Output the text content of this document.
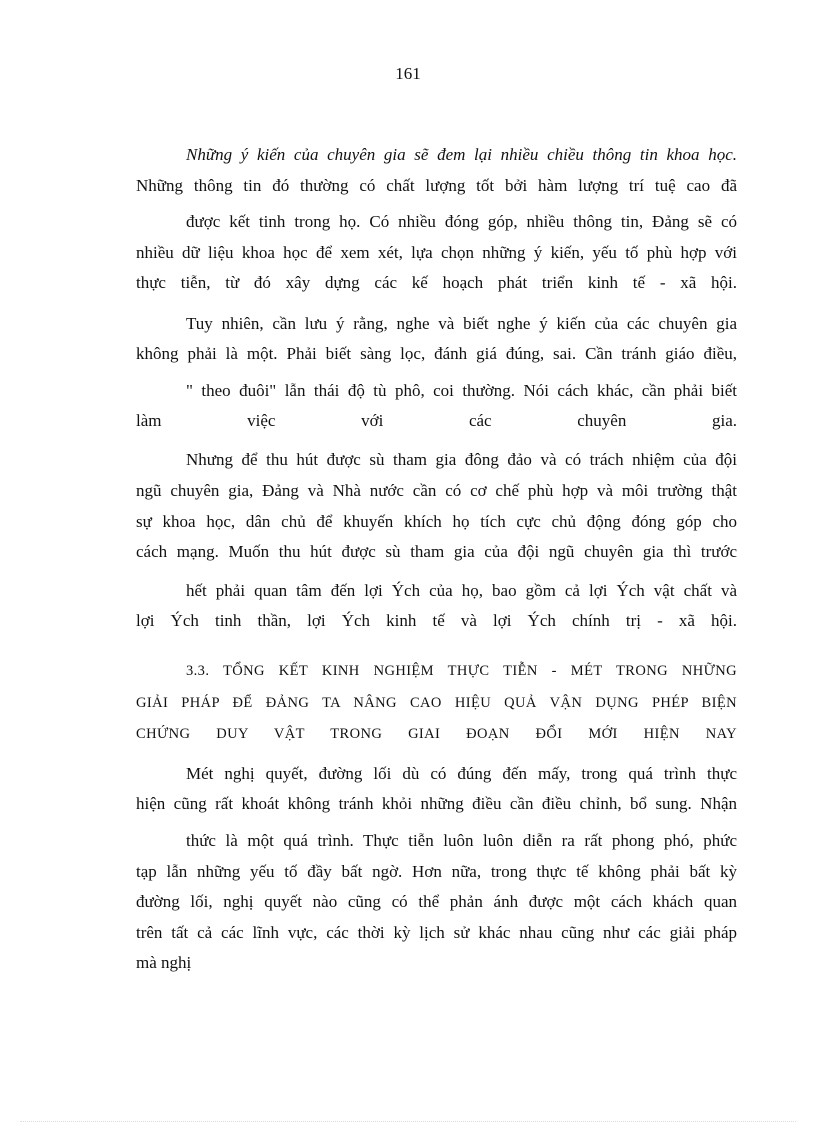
161
Những ý kiến của chuyên gia sẽ đem lại nhiều chiều thông tin khoa học.
Những thông tin đó thường có chất lượng tốt bởi hàm lượng trí tuệ cao đã
được kết tinh trong họ. Có nhiều đóng góp, nhiều thông tin, Đảng sẽ có
nhiều dữ liệu khoa học để xem xét, lựa chọn những ý kiến, yếu tố phù hợp với
thực tiễn, từ đó xây dựng các kế hoạch phát triển kinh tế - xã hội.
Tuy nhiên, cần lưu ý rằng, nghe và biết nghe ý kiến của các chuyên gia
không phải là một. Phải biết sàng lọc, đánh giá đúng, sai. Cần tránh giáo điều,
" theo đuôi" lẫn thái độ tù phô, coi thường. Nói cách khác, cần phải biết
làm việc với các chuyên gia.
Nhưng để thu hút được sù tham gia đông đảo và có trách nhiệm của đội
ngũ chuyên gia, Đảng và Nhà nước cần có cơ chế phù hợp và môi trường thật
sự khoa học, dân chủ để khuyến khích họ tích cực chủ động đóng góp cho
cách mạng. Muốn thu hút được sù tham gia của đội ngũ chuyên gia thì trước
hết phải quan tâm đến lợi Ých của họ, bao gồm cả lợi Ých vật chất và
lợi Ých tinh thần, lợi Ých kinh tế và lợi Ých chính trị - xã hội.
3.3. TỔNG KẾT KINH NGHIỆM THỰC TIỄN - MÉT TRONG NHỮNG
GIẢI PHÁP ĐỂ ĐẢNG TA NÂNG CAO HIỆU QUẢ VẬN DỤNG PHÉP BIỆN
CHỨNG DUY VẬT TRONG GIAI ĐOẠN ĐỔI MỚI HIỆN NAY
Mét nghị quyết, đường lối dù có đúng đến mấy, trong quá trình thực
hiện cũng rất khoát không tránh khỏi những điều cần điều chỉnh, bổ sung. Nhận
thức là một quá trình. Thực tiễn luôn luôn diễn ra rất phong phó, phức
tạp lẫn những yếu tố đầy bất ngờ. Hơn nữa, trong thực tế không phải bất kỳ
đường lối, nghị quyết nào cũng có thể phản ánh được một cách khách quan
trên tất cả các lĩnh vực, các thời kỳ lịch sử khác nhau cũng như các giải pháp
mà nghị
